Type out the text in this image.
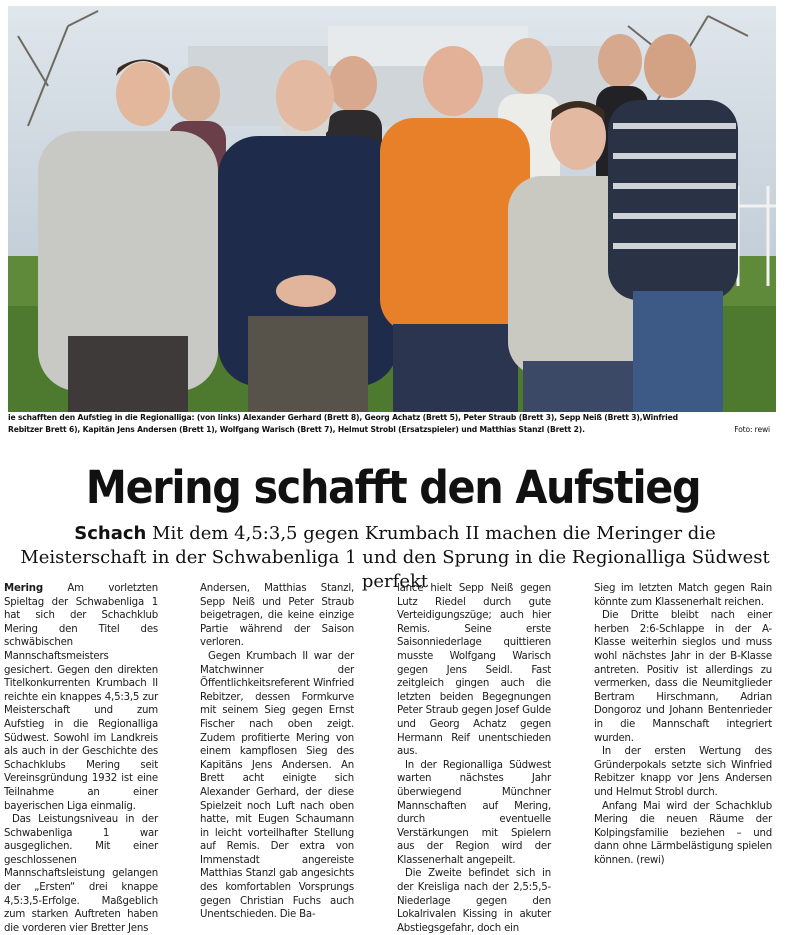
ie schafften den Aufstieg in die Regionalliga: (von links) Alexander Gerhard (Brett 8), Georg Achatz (Brett 5), Peter Straub (Brett 3), Sepp Neiß (Brett 3),Winfried Rebitzer Brett 6), Kapitän Jens Andersen (Brett 1), Wolfgang Warisch (Brett 7), Helmut Strobl (Ersatzspieler) und Matthias Stanzl (Brett 2).	Foto: rewi
Mering schafft den Aufstieg
Schach Mit dem 4,5:3,5 gegen Krumbach II machen die Meringer die Meisterschaft in der Schwabenliga 1 und den Sprung in die Regionalliga Südwest perfekt

Mering Am vorletzten Spieltag der Schwabenliga 1 hat sich der Schachklub Mering den Titel des schwäbischen Mannschaftsmeisters gesichert. Gegen den direkten Titelkonkurrenten Krumbach II reichte ein knappes 4,5:3,5 zur Meisterschaft und zum Aufstieg in die Regionalliga Südwest. Sowohl im Landkreis als auch in der Geschichte des Schachklubs Mering seit Vereinsgründung 1932 ist eine Teilnahme an einer bayerischen Liga einmalig.

Das Leistungsniveau in der Schwabenliga 1 war ausgeglichen. Mit einer geschlossenen Mannschaftsleistung gelangen der „Ersten“ drei knappe 4,5:3,5-Erfolge. Maßgeblich zum starken Auftreten haben die vorderen vier Bretter Jens

Andersen, Matthias Stanzl, Sepp Neiß und Peter Straub beigetragen, die keine einzige Partie während der Saison verloren.

Gegen Krumbach II war der Matchwinner der Öffentlichkeitsreferent Winfried Rebitzer, dessen Formkurve mit seinem Sieg gegen Ernst Fischer nach oben zeigt. Zudem profitierte Mering von einem kampflosen Sieg des Kapitäns Jens Andersen. An Brett acht einigte sich Alexander Gerhard, der diese Spielzeit noch Luft nach oben hatte, mit Eugen Schaumann in leicht vorteilhafter Stellung auf Remis. Der extra von Immenstadt angereiste Matthias Stanzl gab angesichts des komfortablen Vorsprungs gegen Christian Fuchs auch Unentschieden. Die Ba-

lance hielt Sepp Neiß gegen Lutz Riedel durch gute Verteidigungszüge; auch hier Remis. Seine erste Saisonniederlage quittieren musste Wolfgang Warisch gegen Jens Seidl. Fast zeitgleich gingen auch die letzten beiden Begegnungen Peter Straub gegen Josef Gulde und Georg Achatz gegen Hermann Reif unentschieden aus.

In der Regionalliga Südwest warten nächstes Jahr überwiegend Münchner Mannschaften auf Mering, durch eventuelle Verstärkungen mit Spielern aus der Region wird der Klassenerhalt angepeilt.

Die Zweite befindet sich in der Kreisliga nach der 2,5:5,5-Niederlage gegen den Lokalrivalen Kissing in akuter Abstiegsgefahr, doch ein

Sieg im letzten Match gegen Rain könnte zum Klassenerhalt reichen.

Die Dritte bleibt nach einer herben 2:6-Schlappe in der A-Klasse weiterhin sieglos und muss wohl nächstes Jahr in der B-Klasse antreten. Positiv ist allerdings zu vermerken, dass die Neumitglieder Bertram Hirschmann, Adrian Dongoroz und Johann Bentenrieder in die Mannschaft integriert wurden.

In der ersten Wertung des Gründerpokals setzte sich Winfried Rebitzer knapp vor Jens Andersen und Helmut Strobl durch.

Anfang Mai wird der Schachklub Mering die neuen Räume der Kolpingsfamilie beziehen – und dann ohne Lärmbelästigung spielen können. (rewi)
